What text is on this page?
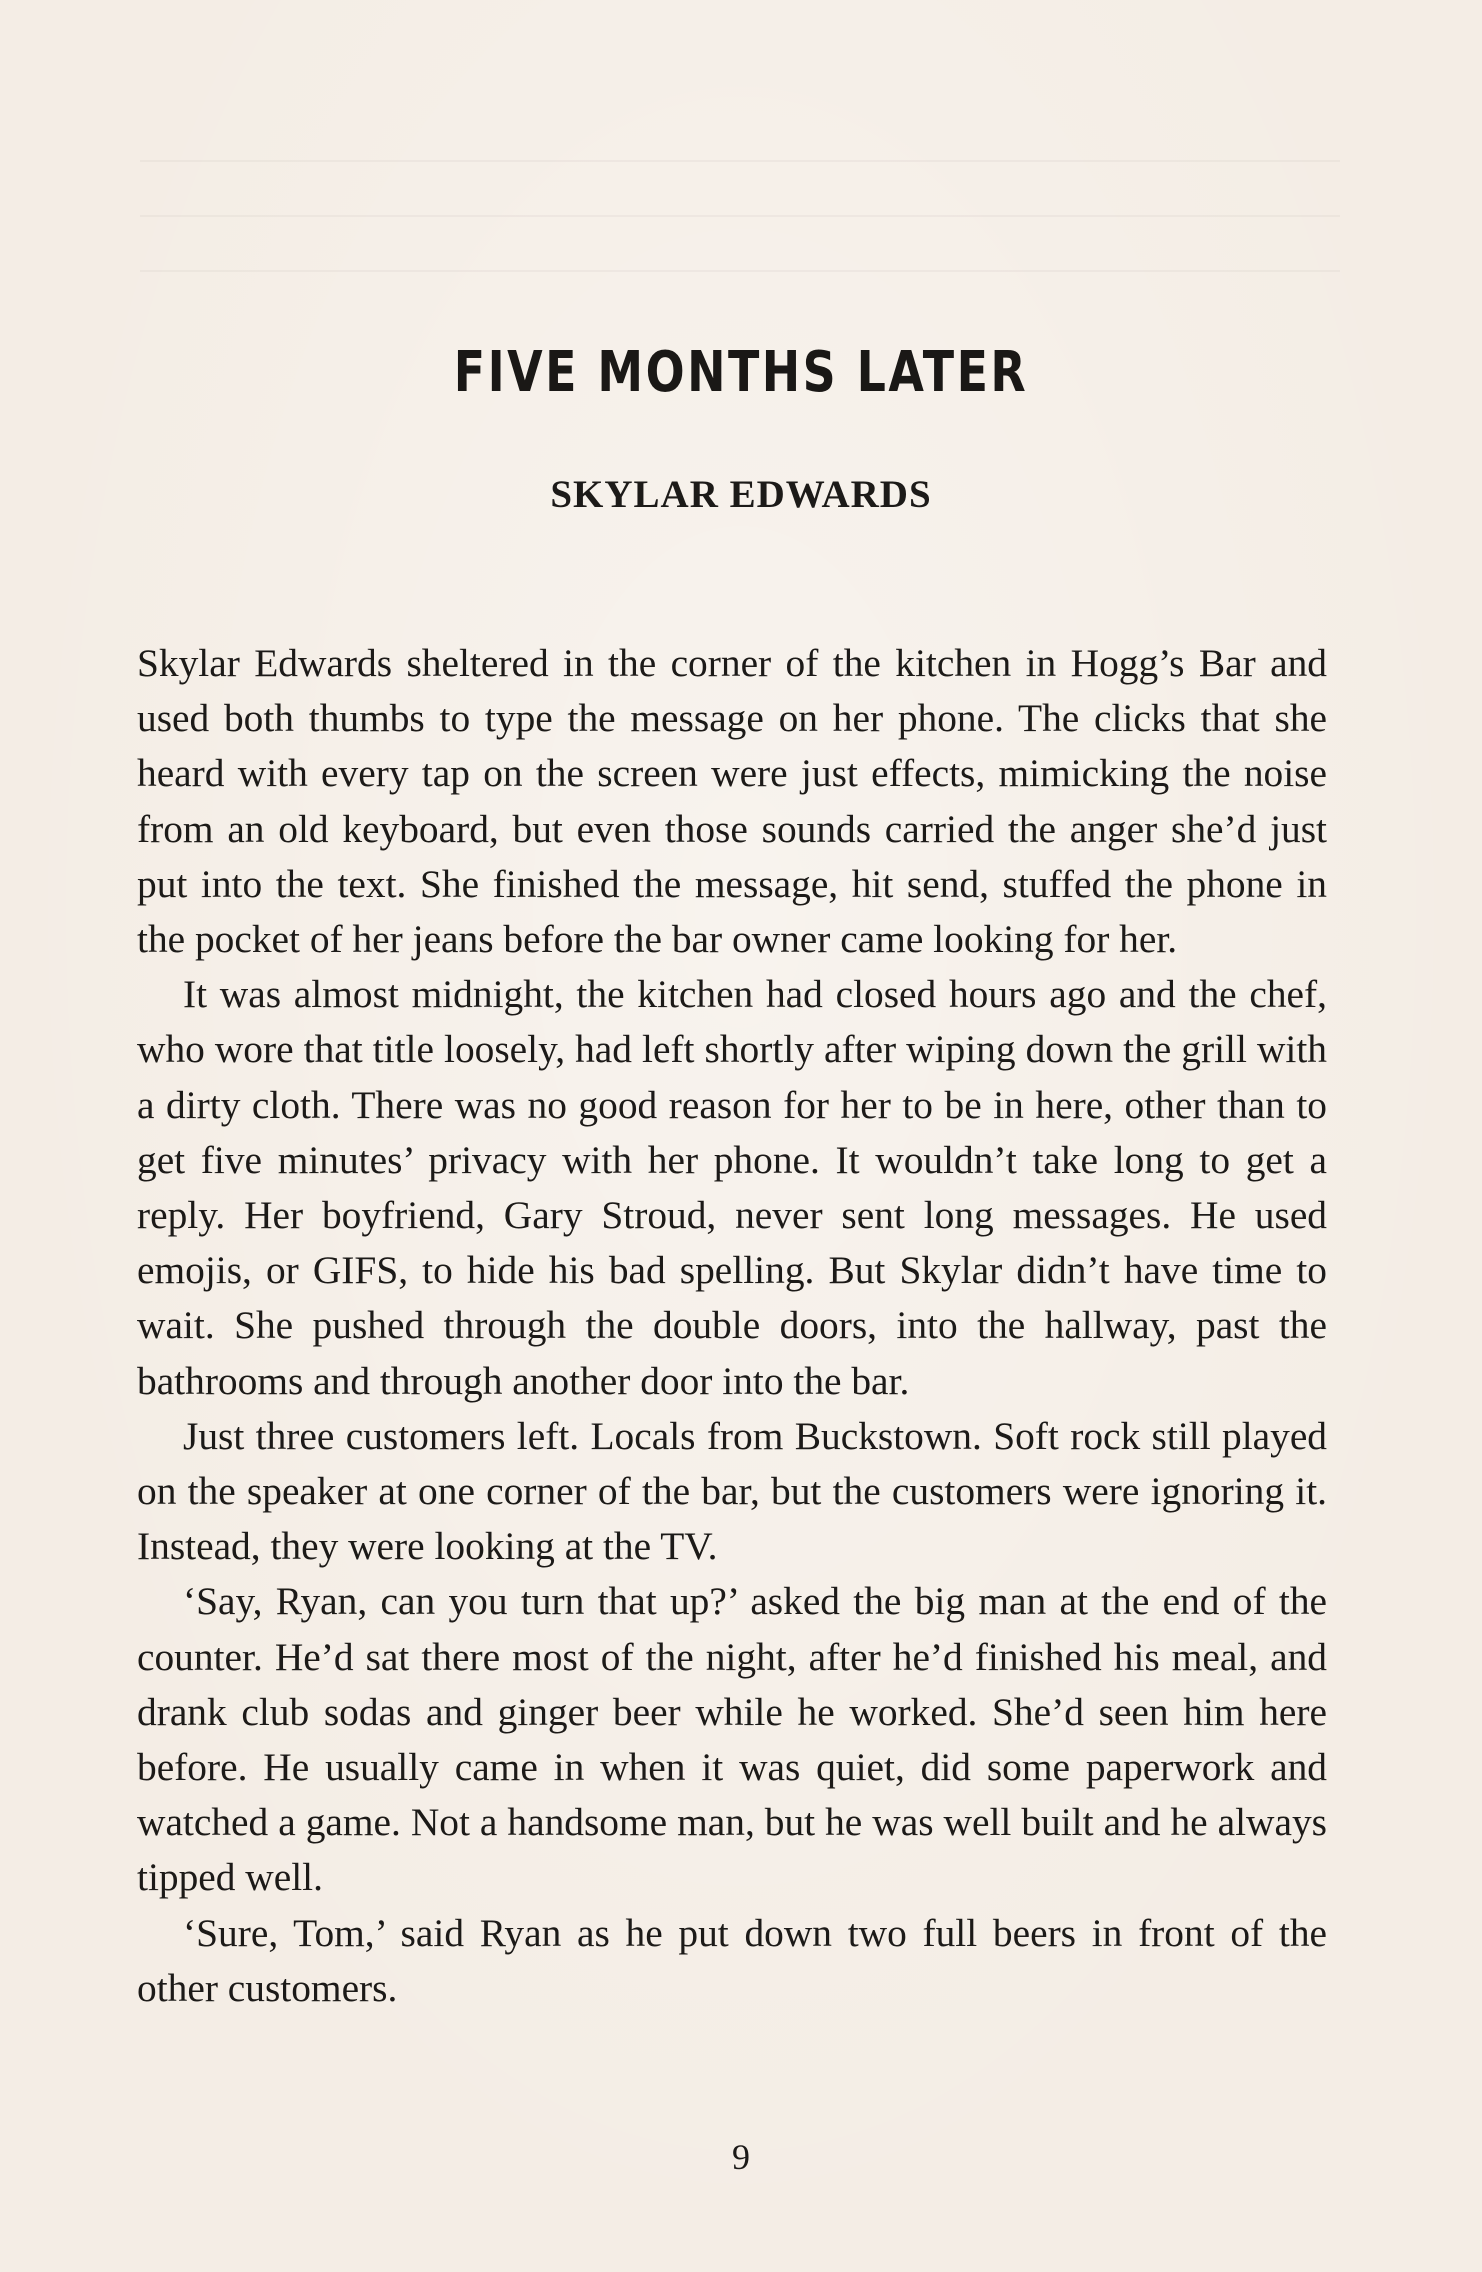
FIVE MONTHS LATER
SKYLAR EDWARDS

Skylar Edwards sheltered in the corner of the kitchen in Hogg’s Bar and used both thumbs to type the message on her phone. The clicks that she heard with every tap on the screen were just effects, mimicking the noise from an old keyboard, but even those sounds carried the anger she’d just put into the text. She finished the message, hit send, stuffed the phone in the pocket of her jeans before the bar owner came looking for her.

It was almost midnight, the kitchen had closed hours ago and the chef, who wore that title loosely, had left shortly after wiping down the grill with a dirty cloth. There was no good reason for her to be in here, other than to get five minutes’ privacy with her phone. It wouldn’t take long to get a reply. Her boyfriend, Gary Stroud, never sent long messages. He used emojis, or GIFS, to hide his bad spelling. But Skylar didn’t have time to wait. She pushed through the double doors, into the hallway, past the bathrooms and through another door into the bar.

Just three customers left. Locals from Buckstown. Soft rock still played on the speaker at one corner of the bar, but the customers were ignoring it. Instead, they were looking at the TV.

‘Say, Ryan, can you turn that up?’ asked the big man at the end of the counter. He’d sat there most of the night, after he’d finished his meal, and drank club sodas and ginger beer while he worked. She’d seen him here before. He usually came in when it was quiet, did some paperwork and watched a game. Not a handsome man, but he was well built and he always tipped well.

‘Sure, Tom,’ said Ryan as he put down two full beers in front of the other customers.

9
